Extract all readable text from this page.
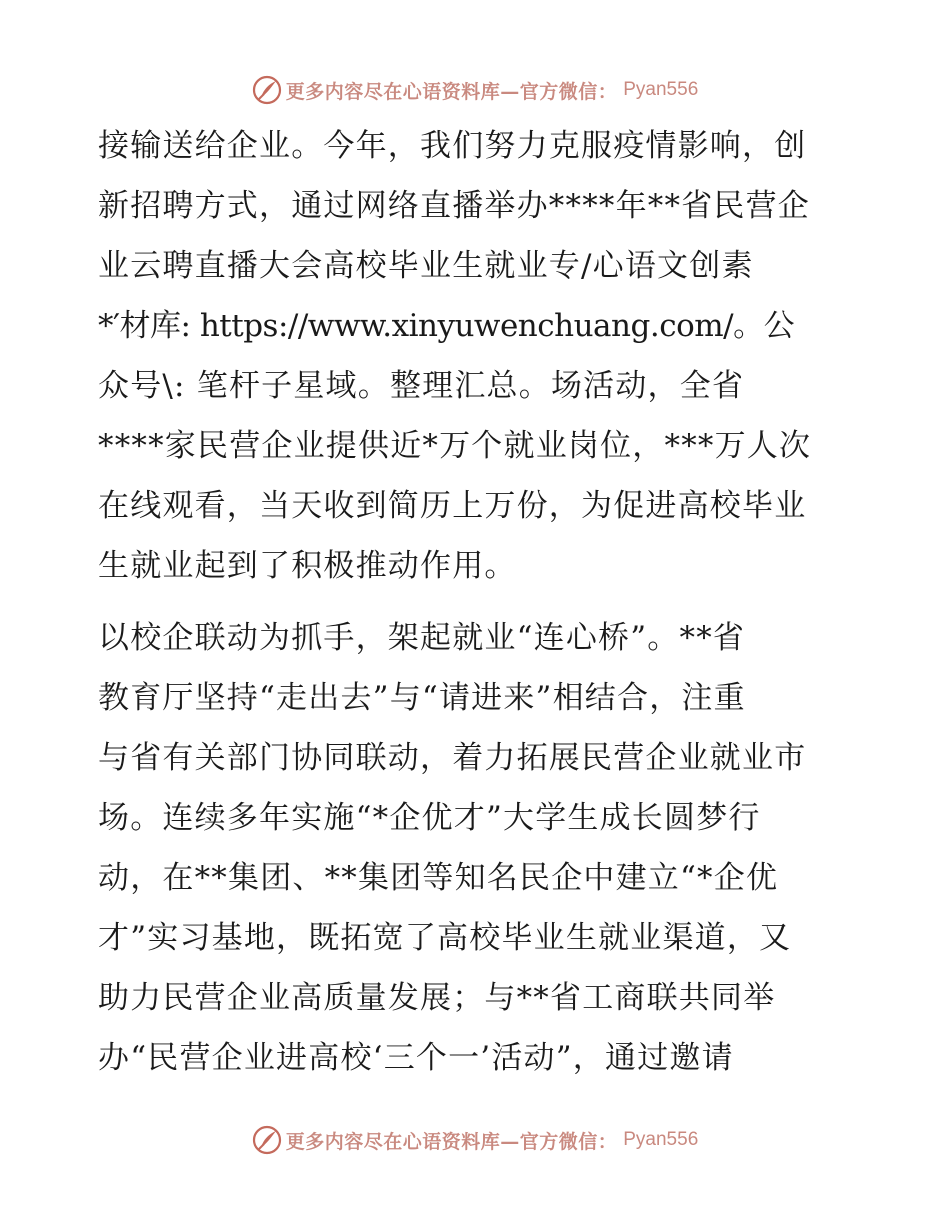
更多内容尽在心语资料库—官方微信： Pyan556
接输送给企业。今年，我们努力克服疫情影响，创
新招聘方式，通过网络直播举办****年**省民营企
业云聘直播大会高校毕业生就业专/心语文创素
*′材库: https://www.xinyuwenchuang.com/。公
众号\: 笔杆子星域。整理汇总。场活动，全省
****家民营企业提供近*万个就业岗位，***万人次
在线观看，当天收到简历上万份，为促进高校毕业
生就业起到了积极推动作用。
以校企联动为抓手，架起就业“连心桥”。**省
教育厅坚持“走出去”与“请进来”相结合，注重
与省有关部门协同联动，着力拓展民营企业就业市
场。连续多年实施“*企优才”大学生成长圆梦行
动，在**集团、**集团等知名民企中建立“*企优
才”实习基地，既拓宽了高校毕业生就业渠道，又
助力民营企业高质量发展；与**省工商联共同举
办“民营企业进高校‘三个一’活动”，通过邀请
更多内容尽在心语资料库—官方微信： Pyan556
